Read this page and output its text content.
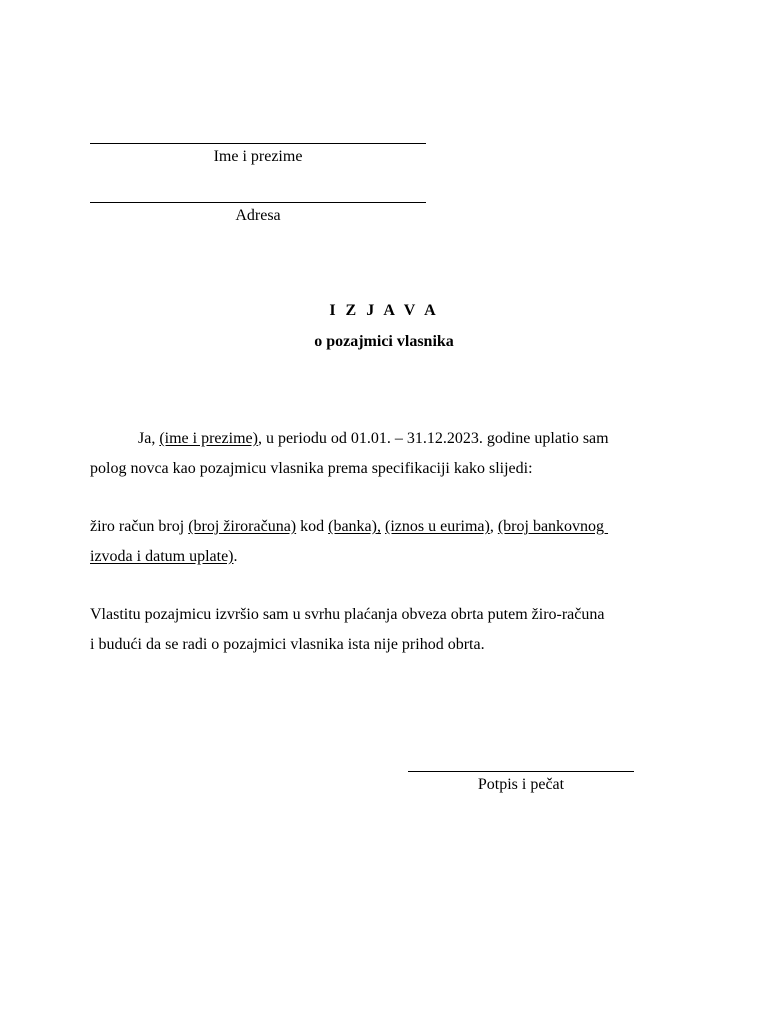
Ime i prezime
Adresa
I Z J A V A
o pozajmici vlasnika

Ja, (ime i prezime), u periodu od 01.01. – 31.12.2023. godine uplatio sam
polog novca kao pozajmicu vlasnika prema specifikaciji kako slijedi:

žiro račun broj (broj žiroračuna) kod (banka), (iznos u eurima), (broj bankovnog
izvoda i datum uplate).

Vlastitu pozajmicu izvršio sam u svrhu plaćanja obveza obrta putem žiro-računa
i budući da se radi o pozajmici vlasnika ista nije prihod obrta.

Potpis i pečat
